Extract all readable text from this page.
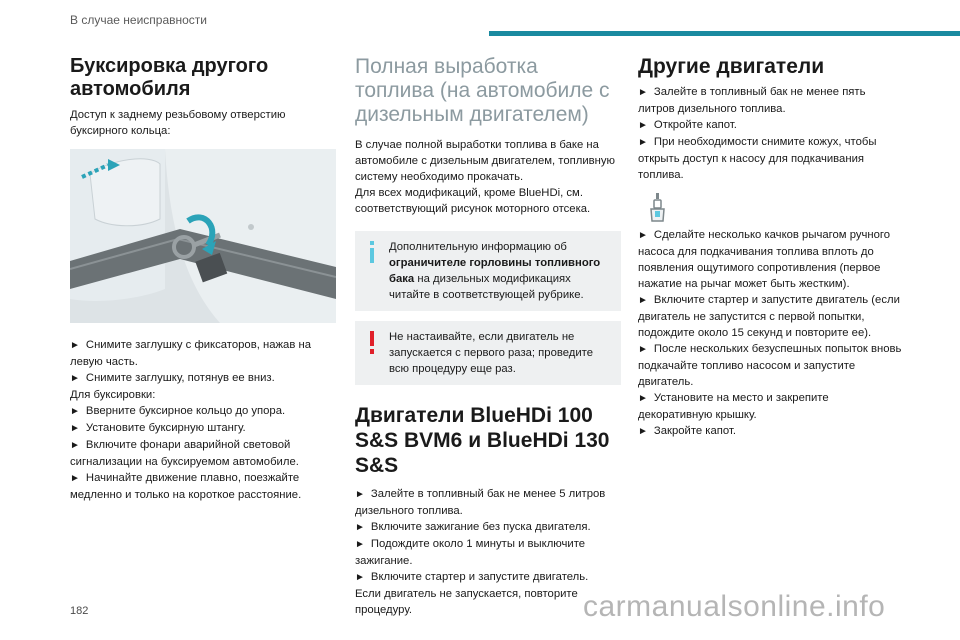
В случае неисправности
Буксировка другого автомобиля
Доступ к заднему резьбовому отверстию буксирного кольца:
► Снимите заглушку с фиксаторов, нажав на левую часть.
► Снимите заглушку, потянув ее вниз.
Для буксировки:
► Вверните буксирное кольцо до упора.
► Установите буксирную штангу.
► Включите фонари аварийной световой сигнализации на буксируемом автомобиле.
► Начинайте движение плавно, поезжайте медленно и только на короткое расстояние.
Полная выработка топлива (на автомобиле с дизельным двигателем)
В случае полной выработки топлива в баке на автомобиле с дизельным двигателем, топливную систему необходимо прокачать.
Для всех модификаций, кроме BlueHDi, см. соответствующий рисунок моторного отсека.
Дополнительную информацию об ограничителе горловины топливного бака на дизельных модификациях читайте в соответствующей рубрике.
Не настаивайте, если двигатель не запускается с первого раза; проведите всю процедуру еще раз.
Двигатели BlueHDi 100 S&S BVM6 и BlueHDi 130 S&S
► Залейте в топливный бак не менее 5 литров дизельного топлива.
► Включите зажигание без пуска двигателя.
► Подождите около 1 минуты и выключите зажигание.
► Включите стартер и запустите двигатель.
Если двигатель не запускается, повторите процедуру.
Другие двигатели
► Залейте в топливный бак не менее пять литров дизельного топлива.
► Откройте капот.
► При необходимости снимите кожух, чтобы открыть доступ к насосу для подкачивания топлива.
► Сделайте несколько качков рычагом ручного насоса для подкачивания топлива вплоть до появления ощутимого сопротивления (первое нажатие на рычаг может быть жестким).
► Включите стартер и запустите двигатель (если двигатель не запустится с первой попытки, подождите около 15 секунд и повторите ее).
► После нескольких безуспешных попыток вновь подкачайте топливо насосом и запустите двигатель.
► Установите на место и закрепите декоративную крышку.
► Закройте капот.
182	carmanualsonline.info
